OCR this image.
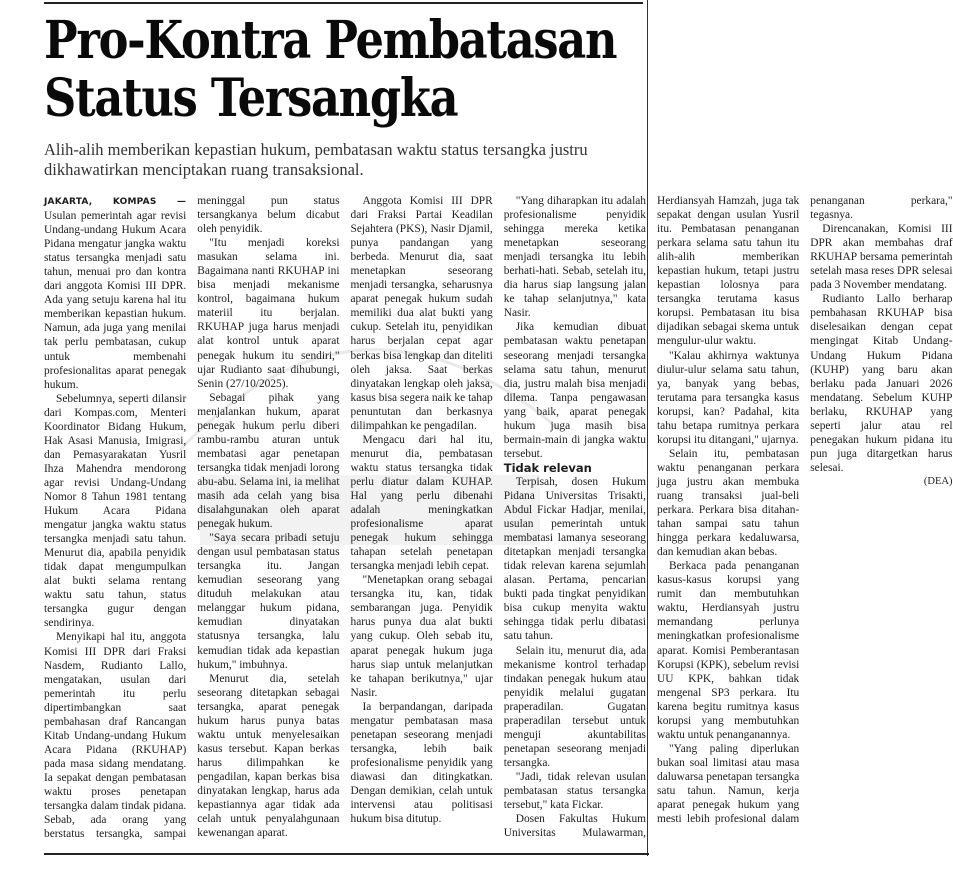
Pro-Kontra Pembatasan
Status Tersangka
Alih-alih memberikan kepastian hukum, pembatasan waktu status tersangka justru dikhawatirkan menciptakan ruang transaksional.

JAKARTA, KOMPAS — Usulan pemerintah agar revisi Undang-undang Hukum Acara Pidana mengatur jangka waktu status tersangka menjadi satu tahun, menuai pro dan kontra dari anggota Komisi III DPR. Ada yang setuju karena hal itu memberikan kepastian hukum. Namun, ada juga yang menilai tak perlu pembatasan, cukup untuk membenahi profesionalitas aparat penegak hukum.

Sebelumnya, seperti dilansir dari Kompas.com, Menteri Koordinator Bidang Hukum, Hak Asasi Manusia, Imigrasi, dan Pemasyarakatan Yusril Ihza Mahendra mendorong agar revisi Undang-Undang Nomor 8 Tahun 1981 tentang Hukum Acara Pidana mengatur jangka waktu status tersangka menjadi satu tahun. Menurut dia, apabila penyidik tidak dapat mengumpulkan alat bukti selama rentang waktu satu tahun, status tersangka gugur dengan sendirinya.

Menyikapi hal itu, anggota Komisi III DPR dari Fraksi Nasdem, Rudianto Lallo, mengatakan, usulan dari pemerintah itu perlu dipertimbangkan saat pembahasan draf Rancangan Kitab Undang-undang Hukum Acara Pidana (RKUHAP) pada masa sidang mendatang. Ia sepakat dengan pembatasan waktu proses penetapan tersangka dalam tindak pidana. Sebab, ada orang yang berstatus tersangka, sampai meninggal pun status tersangkanya belum dicabut oleh penyidik.

"Itu menjadi koreksi masukan selama ini. Bagaimana nanti RKUHAP ini bisa menjadi mekanisme kontrol, bagaimana hukum materiil itu berjalan. RKUHAP juga harus menjadi alat kontrol untuk aparat penegak hukum itu sendiri," ujar Rudianto saat dihubungi, Senin (27/10/2025).

Sebagai pihak yang menjalankan hukum, aparat penegak hukum perlu diberi rambu-rambu aturan untuk membatasi agar penetapan tersangka tidak menjadi lorong abu-abu. Selama ini, ia melihat masih ada celah yang bisa disalahgunakan oleh aparat penegak hukum.

"Saya secara pribadi setuju dengan usul pembatasan status tersangka itu. Jangan kemudian seseorang yang dituduh melakukan atau melanggar hukum pidana, kemudian dinyatakan statusnya tersangka, lalu kemudian tidak ada kepastian hukum," imbuhnya.

Menurut dia, setelah seseorang ditetapkan sebagai tersangka, aparat penegak hukum harus punya batas waktu untuk menyelesaikan kasus tersebut. Kapan berkas harus dilimpahkan ke pengadilan, kapan berkas bisa dinyatakan lengkap, harus ada kepastiannya agar tidak ada celah untuk penyalahgunaan kewenangan aparat.

Anggota Komisi III DPR dari Fraksi Partai Keadilan Sejahtera (PKS), Nasir Djamil, punya pandangan yang berbeda. Menurut dia, saat menetapkan seseorang menjadi tersangka, seharusnya aparat penegak hukum sudah memiliki dua alat bukti yang cukup. Setelah itu, penyidikan harus berjalan cepat agar berkas bisa lengkap dan diteliti oleh jaksa. Saat berkas dinyatakan lengkap oleh jaksa, kasus bisa segera naik ke tahap penuntutan dan berkasnya dilimpahkan ke pengadilan.

Mengacu dari hal itu, menurut dia, pembatasan waktu status tersangka tidak perlu diatur dalam KUHAP. Hal yang perlu dibenahi adalah meningkatkan profesionalisme aparat penegak hukum sehingga tahapan setelah penetapan tersangka menjadi lebih cepat.

"Menetapkan orang sebagai tersangka itu, kan, tidak sembarangan juga. Penyidik harus punya dua alat bukti yang cukup. Oleh sebab itu, aparat penegak hukum juga harus siap untuk melanjutkan ke tahapan berikutnya," ujar Nasir.

Ia berpandangan, daripada mengatur pembatasan masa penetapan seseorang menjadi tersangka, lebih baik profesionalisme penyidik yang diawasi dan ditingkatkan. Dengan demikian, celah untuk intervensi atau politisasi hukum bisa ditutup.

"Yang diharapkan itu adalah profesionalisme penyidik sehingga mereka ketika menetapkan seseorang menjadi tersangka itu lebih berhati-hati. Sebab, setelah itu, dia harus siap langsung jalan ke tahap selanjutnya," kata Nasir.

Jika kemudian dibuat pembatasan waktu penetapan seseorang menjadi tersangka selama satu tahun, menurut dia, justru malah bisa menjadi dilema. Tanpa pengawasan yang baik, aparat penegak hukum juga masih bisa bermain-main di jangka waktu tersebut.

Tidak relevan

Terpisah, dosen Hukum Pidana Universitas Trisakti, Abdul Fickar Hadjar, menilai, usulan pemerintah untuk membatasi lamanya seseorang ditetapkan menjadi tersangka tidak relevan karena sejumlah alasan. Pertama, pencarian bukti pada tingkat penyidikan bisa cukup menyita waktu sehingga tidak perlu dibatasi satu tahun.

Selain itu, menurut dia, ada mekanisme kontrol terhadap tindakan penegak hukum atau penyidik melalui gugatan praperadilan. Gugatan praperadilan tersebut untuk menguji akuntabilitas penetapan seseorang menjadi tersangka.

"Jadi, tidak relevan usulan pembatasan status tersangka tersebut," kata Fickar.

Dosen Fakultas Hukum Universitas Mulawarman, Herdiansyah Hamzah, juga tak sepakat dengan usulan Yusril itu. Pembatasan penanganan perkara selama satu tahun itu alih-alih memberikan kepastian hukum, tetapi justru kepastian lolosnya para tersangka terutama kasus korupsi. Pembatasan itu bisa dijadikan sebagai skema untuk mengulur-ulur waktu.

"Kalau akhirnya waktunya diulur-ulur selama satu tahun, ya, banyak yang bebas, terutama para tersangka kasus korupsi, kan? Padahal, kita tahu betapa rumitnya perkara korupsi itu ditangani," ujarnya.

Selain itu, pembatasan waktu penanganan perkara juga justru akan membuka ruang transaksi jual-beli perkara. Perkara bisa ditahan-tahan sampai satu tahun hingga perkara kedaluwarsa, dan kemudian akan bebas.

Berkaca pada penanganan kasus-kasus korupsi yang rumit dan membutuhkan waktu, Herdiansyah justru memandang perlunya meningkatkan profesionalisme aparat. Komisi Pemberantasan Korupsi (KPK), sebelum revisi UU KPK, bahkan tidak mengenal SP3 perkara. Itu karena begitu rumitnya kasus korupsi yang membutuhkan waktu untuk penanganannya.

"Yang paling diperlukan bukan soal limitasi atau masa daluwarsa penetapan tersangka satu tahun. Namun, kerja aparat penegak hukum yang mesti lebih profesional dalam penanganan perkara," tegasnya.

Direncanakan, Komisi III DPR akan membahas draf RKUHAP bersama pemerintah setelah masa reses DPR selesai pada 3 November mendatang.

Rudianto Lallo berharap pembahasan RKUHAP bisa diselesaikan dengan cepat mengingat Kitab Undang-Undang Hukum Pidana (KUHP) yang baru akan berlaku pada Januari 2026 mendatang. Sebelum KUHP berlaku, RKUHAP yang seperti jalur atau rel penegakan hukum pidana itu pun juga ditargetkan harus selesai.

(DEA)
